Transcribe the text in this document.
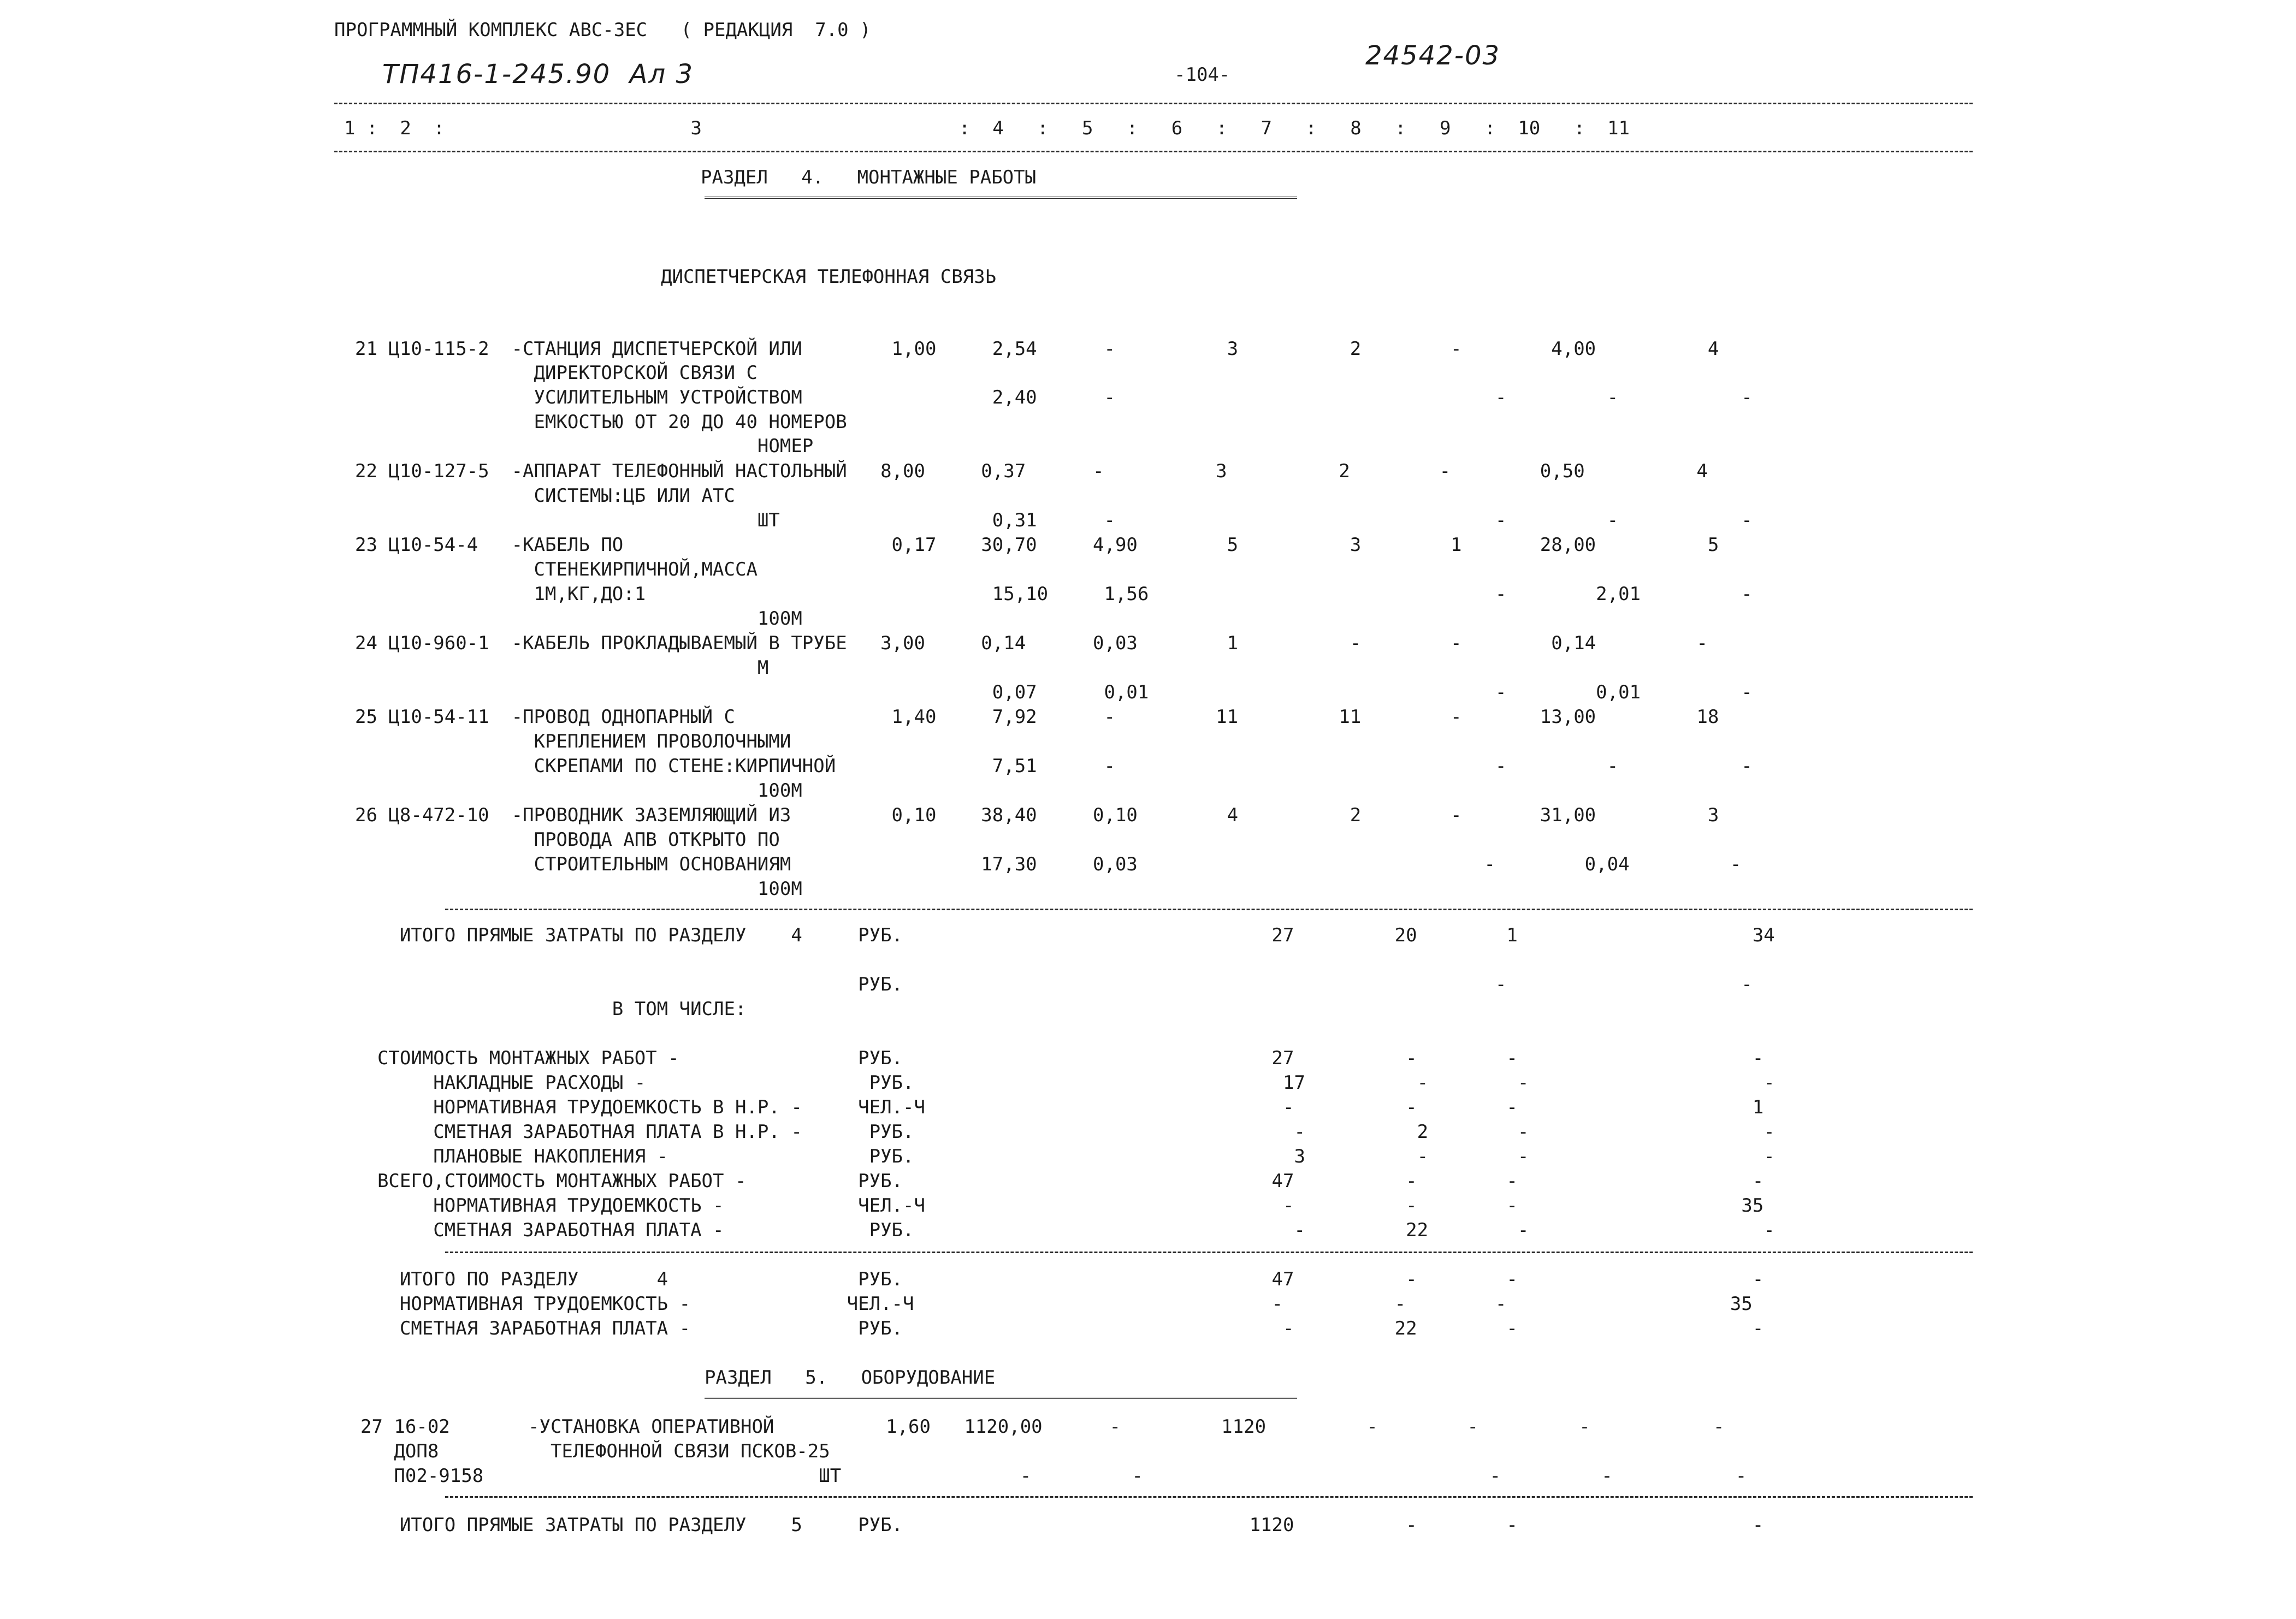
ПРОГРАММНЫЙ КОМПЛЕКС АВС-3ЕС   ( РЕДАКЦИЯ  7.0 )
ТП416-1-245.90  Ал 3	-104-
24542-03
1 :  2  :                      3                       :  4   :   5   :   6   :   7   :   8   :   9   :  10   :  11
РАЗДЕЛ   4.   МОНТАЖНЫЕ РАБОТЫ
ДИСПЕТЧЕРСКАЯ ТЕЛЕФОННАЯ СВЯЗЬ
21 Ц10-115-2  -СТАНЦИЯ ДИСПЕТЧЕРСКОЙ ИЛИ        1,00     2,54      -          3          2        -        4,00          4
ДИРЕКТОРСКОЙ СВЯЗИ С
УСИЛИТЕЛЬНЫМ УСТРОЙСТВОМ                 2,40      -                                  -         -           -
ЕМКОСТЬЮ ОТ 20 ДО 40 НОМЕРОВ
НОМЕР
22 Ц10-127-5  -АППАРАТ ТЕЛЕФОННЫЙ НАСТОЛЬНЫЙ   8,00     0,37      -          3          2        -        0,50          4
СИСТЕМЫ:ЦБ ИЛИ АТС
ШТ                   0,31      -                                  -         -           -
23 Ц10-54-4   -КАБЕЛЬ ПО                        0,17    30,70     4,90        5          3        1       28,00          5
СТЕНЕКИРПИЧНОЙ,МАССА
1М,КГ,ДО:1                               15,10     1,56                               -        2,01         -
100М
24 Ц10-960-1  -КАБЕЛЬ ПРОКЛАДЫВАЕМЫЙ В ТРУБЕ   3,00     0,14      0,03        1          -        -        0,14         -
М
0,07      0,01                               -        0,01         -
25 Ц10-54-11  -ПРОВОД ОДНОПАРНЫЙ С              1,40     7,92      -         11         11        -       13,00         18
КРЕПЛЕНИЕМ ПРОВОЛОЧНЫМИ
СКРЕПАМИ ПО СТЕНЕ:КИРПИЧНОЙ              7,51      -                                  -         -           -
100М
26 Ц8-472-10  -ПРОВОДНИК ЗАЗЕМЛЯЮЩИЙ ИЗ         0,10    38,40     0,10        4          2        -       31,00          3
ПРОВОДА АПВ ОТКРЫТО ПО
СТРОИТЕЛЬНЫМ ОСНОВАНИЯМ                 17,30     0,03                               -        0,04         -
100М
ИТОГО ПРЯМЫЕ ЗАТРАТЫ ПО РАЗДЕЛУ    4     РУБ.                                 27         20        1                     34
РУБ.                                                     -                     -
В ТОМ ЧИСЛЕ:
СТОИМОСТЬ МОНТАЖНЫХ РАБОТ -                РУБ.                                 27          -        -                     -
НАКЛАДНЫЕ РАСХОДЫ -                    РУБ.                                 17          -        -                     -
НОРМАТИВНАЯ ТРУДОЕМКОСТЬ В Н.Р. -     ЧЕЛ.-Ч                                -          -        -                     1
СМЕТНАЯ ЗАРАБОТНАЯ ПЛАТА В Н.Р. -      РУБ.                                  -          2        -                     -
ПЛАНОВЫЕ НАКОПЛЕНИЯ -                  РУБ.                                  3          -        -                     -
ВСЕГО,СТОИМОСТЬ МОНТАЖНЫХ РАБОТ -          РУБ.                                 47          -        -                     -
НОРМАТИВНАЯ ТРУДОЕМКОСТЬ -            ЧЕЛ.-Ч                                -          -        -                    35
СМЕТНАЯ ЗАРАБОТНАЯ ПЛАТА -             РУБ.                                  -         22        -                     -
ИТОГО ПО РАЗДЕЛУ       4                 РУБ.                                 47          -        -                     -
НОРМАТИВНАЯ ТРУДОЕМКОСТЬ -              ЧЕЛ.-Ч                                -          -        -                    35
СМЕТНАЯ ЗАРАБОТНАЯ ПЛАТА -               РУБ.                                  -         22        -                     -
РАЗДЕЛ   5.   ОБОРУДОВАНИЕ
27 16-02       -УСТАНОВКА ОПЕРАТИВНОЙ          1,60   1120,00      -         1120         -        -         -           -
ДОП8          ТЕЛЕФОННОЙ СВЯЗИ ПСКОВ-25
П02-9158                              ШТ                -         -                               -         -           -
ИТОГО ПРЯМЫЕ ЗАТРАТЫ ПО РАЗДЕЛУ    5     РУБ.                               1120          -        -                     -
